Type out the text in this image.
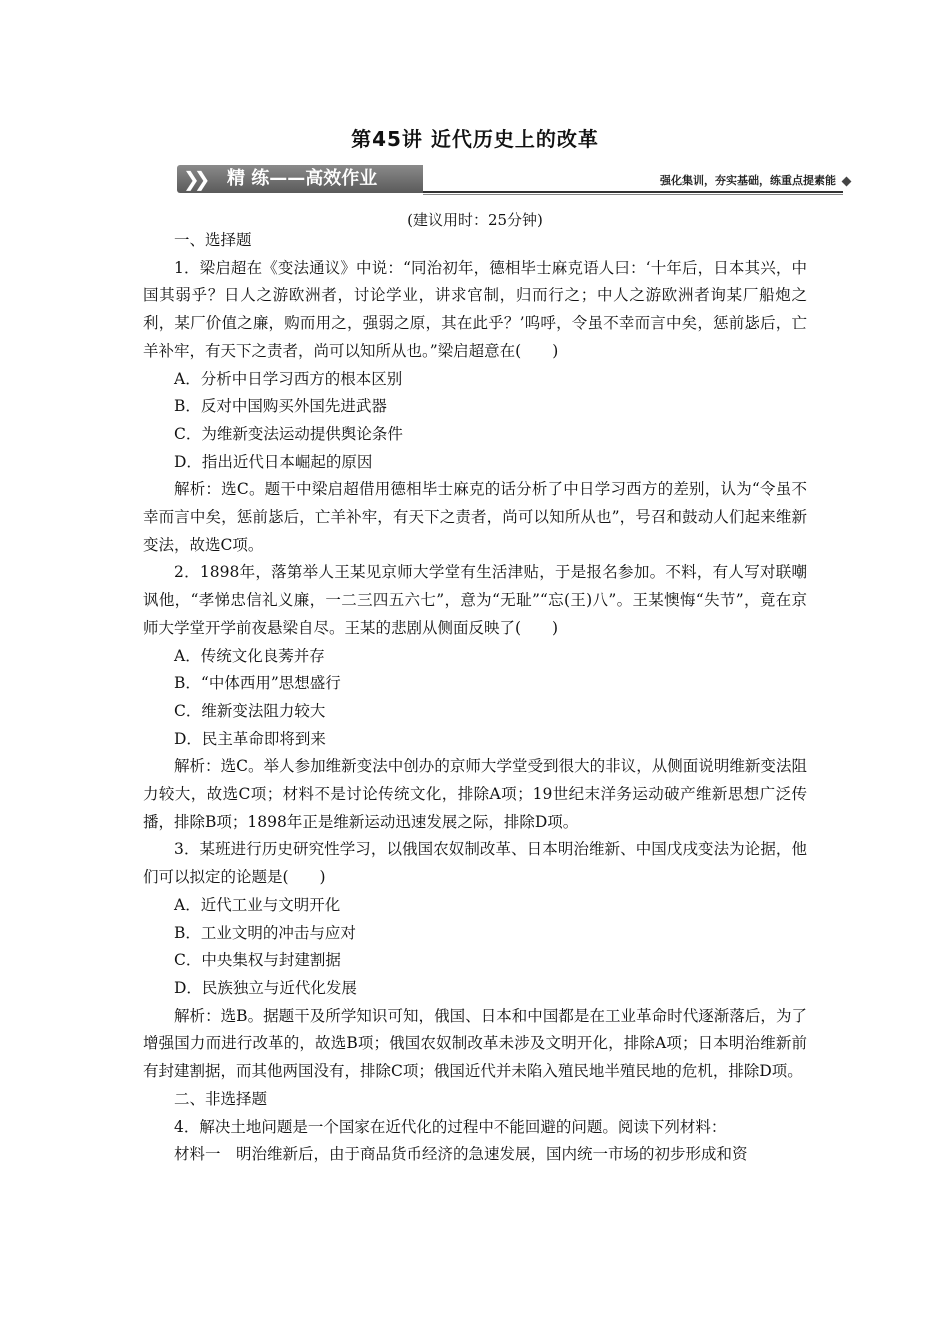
第45讲 近代历史上的改革
❯❯	精 练——高效作业	强化集训，夯实基础，练重点提素能
(建议用时：25分钟)

一、选择题

1．梁启超在《变法通议》中说：“同治初年，德相毕士麻克语人曰：‘十年后，日本其兴，中国其弱乎？日人之游欧洲者，讨论学业，讲求官制，归而行之；中人之游欧洲者询某厂船炮之利，某厂价值之廉，购而用之，强弱之原，其在此乎？’呜呼，令虽不幸而言中矣，惩前毖后，亡羊补牢，有天下之责者，尚可以知所从也。”梁启超意在(　　)

A．分析中日学习西方的根本区别

B．反对中国购买外国先进武器

C．为维新变法运动提供舆论条件

D．指出近代日本崛起的原因

解析：选C。题干中梁启超借用德相毕士麻克的话分析了中日学习西方的差别，认为“令虽不幸而言中矣，惩前毖后，亡羊补牢，有天下之责者，尚可以知所从也”，号召和鼓动人们起来维新变法，故选C项。

2．1898年，落第举人王某见京师大学堂有生活津贴，于是报名参加。不料，有人写对联嘲讽他，“孝悌忠信礼义廉，一二三四五六七”，意为“无耻”“忘(王)八”。王某懊悔“失节”，竟在京师大学堂开学前夜悬梁自尽。王某的悲剧从侧面反映了(　　)

A．传统文化良莠并存

B．“中体西用”思想盛行

C．维新变法阻力较大

D．民主革命即将到来

解析：选C。举人参加维新变法中创办的京师大学堂受到很大的非议，从侧面说明维新变法阻力较大，故选C项；材料不是讨论传统文化，排除A项；19世纪末洋务运动破产维新思想广泛传播，排除B项；1898年正是维新运动迅速发展之际，排除D项。

3．某班进行历史研究性学习，以俄国农奴制改革、日本明治维新、中国戊戌变法为论据，他们可以拟定的论题是(　　)

A．近代工业与文明开化

B．工业文明的冲击与应对

C．中央集权与封建割据

D．民族独立与近代化发展

解析：选B。据题干及所学知识可知，俄国、日本和中国都是在工业革命时代逐渐落后，为了增强国力而进行改革的，故选B项；俄国农奴制改革未涉及文明开化，排除A项；日本明治维新前有封建割据，而其他两国没有，排除C项；俄国近代并未陷入殖民地半殖民地的危机，排除D项。

二、非选择题

4．解决土地问题是一个国家在近代化的过程中不能回避的问题。阅读下列材料：

材料一　明治维新后，由于商品货币经济的急速发展，国内统一市场的初步形成和资
